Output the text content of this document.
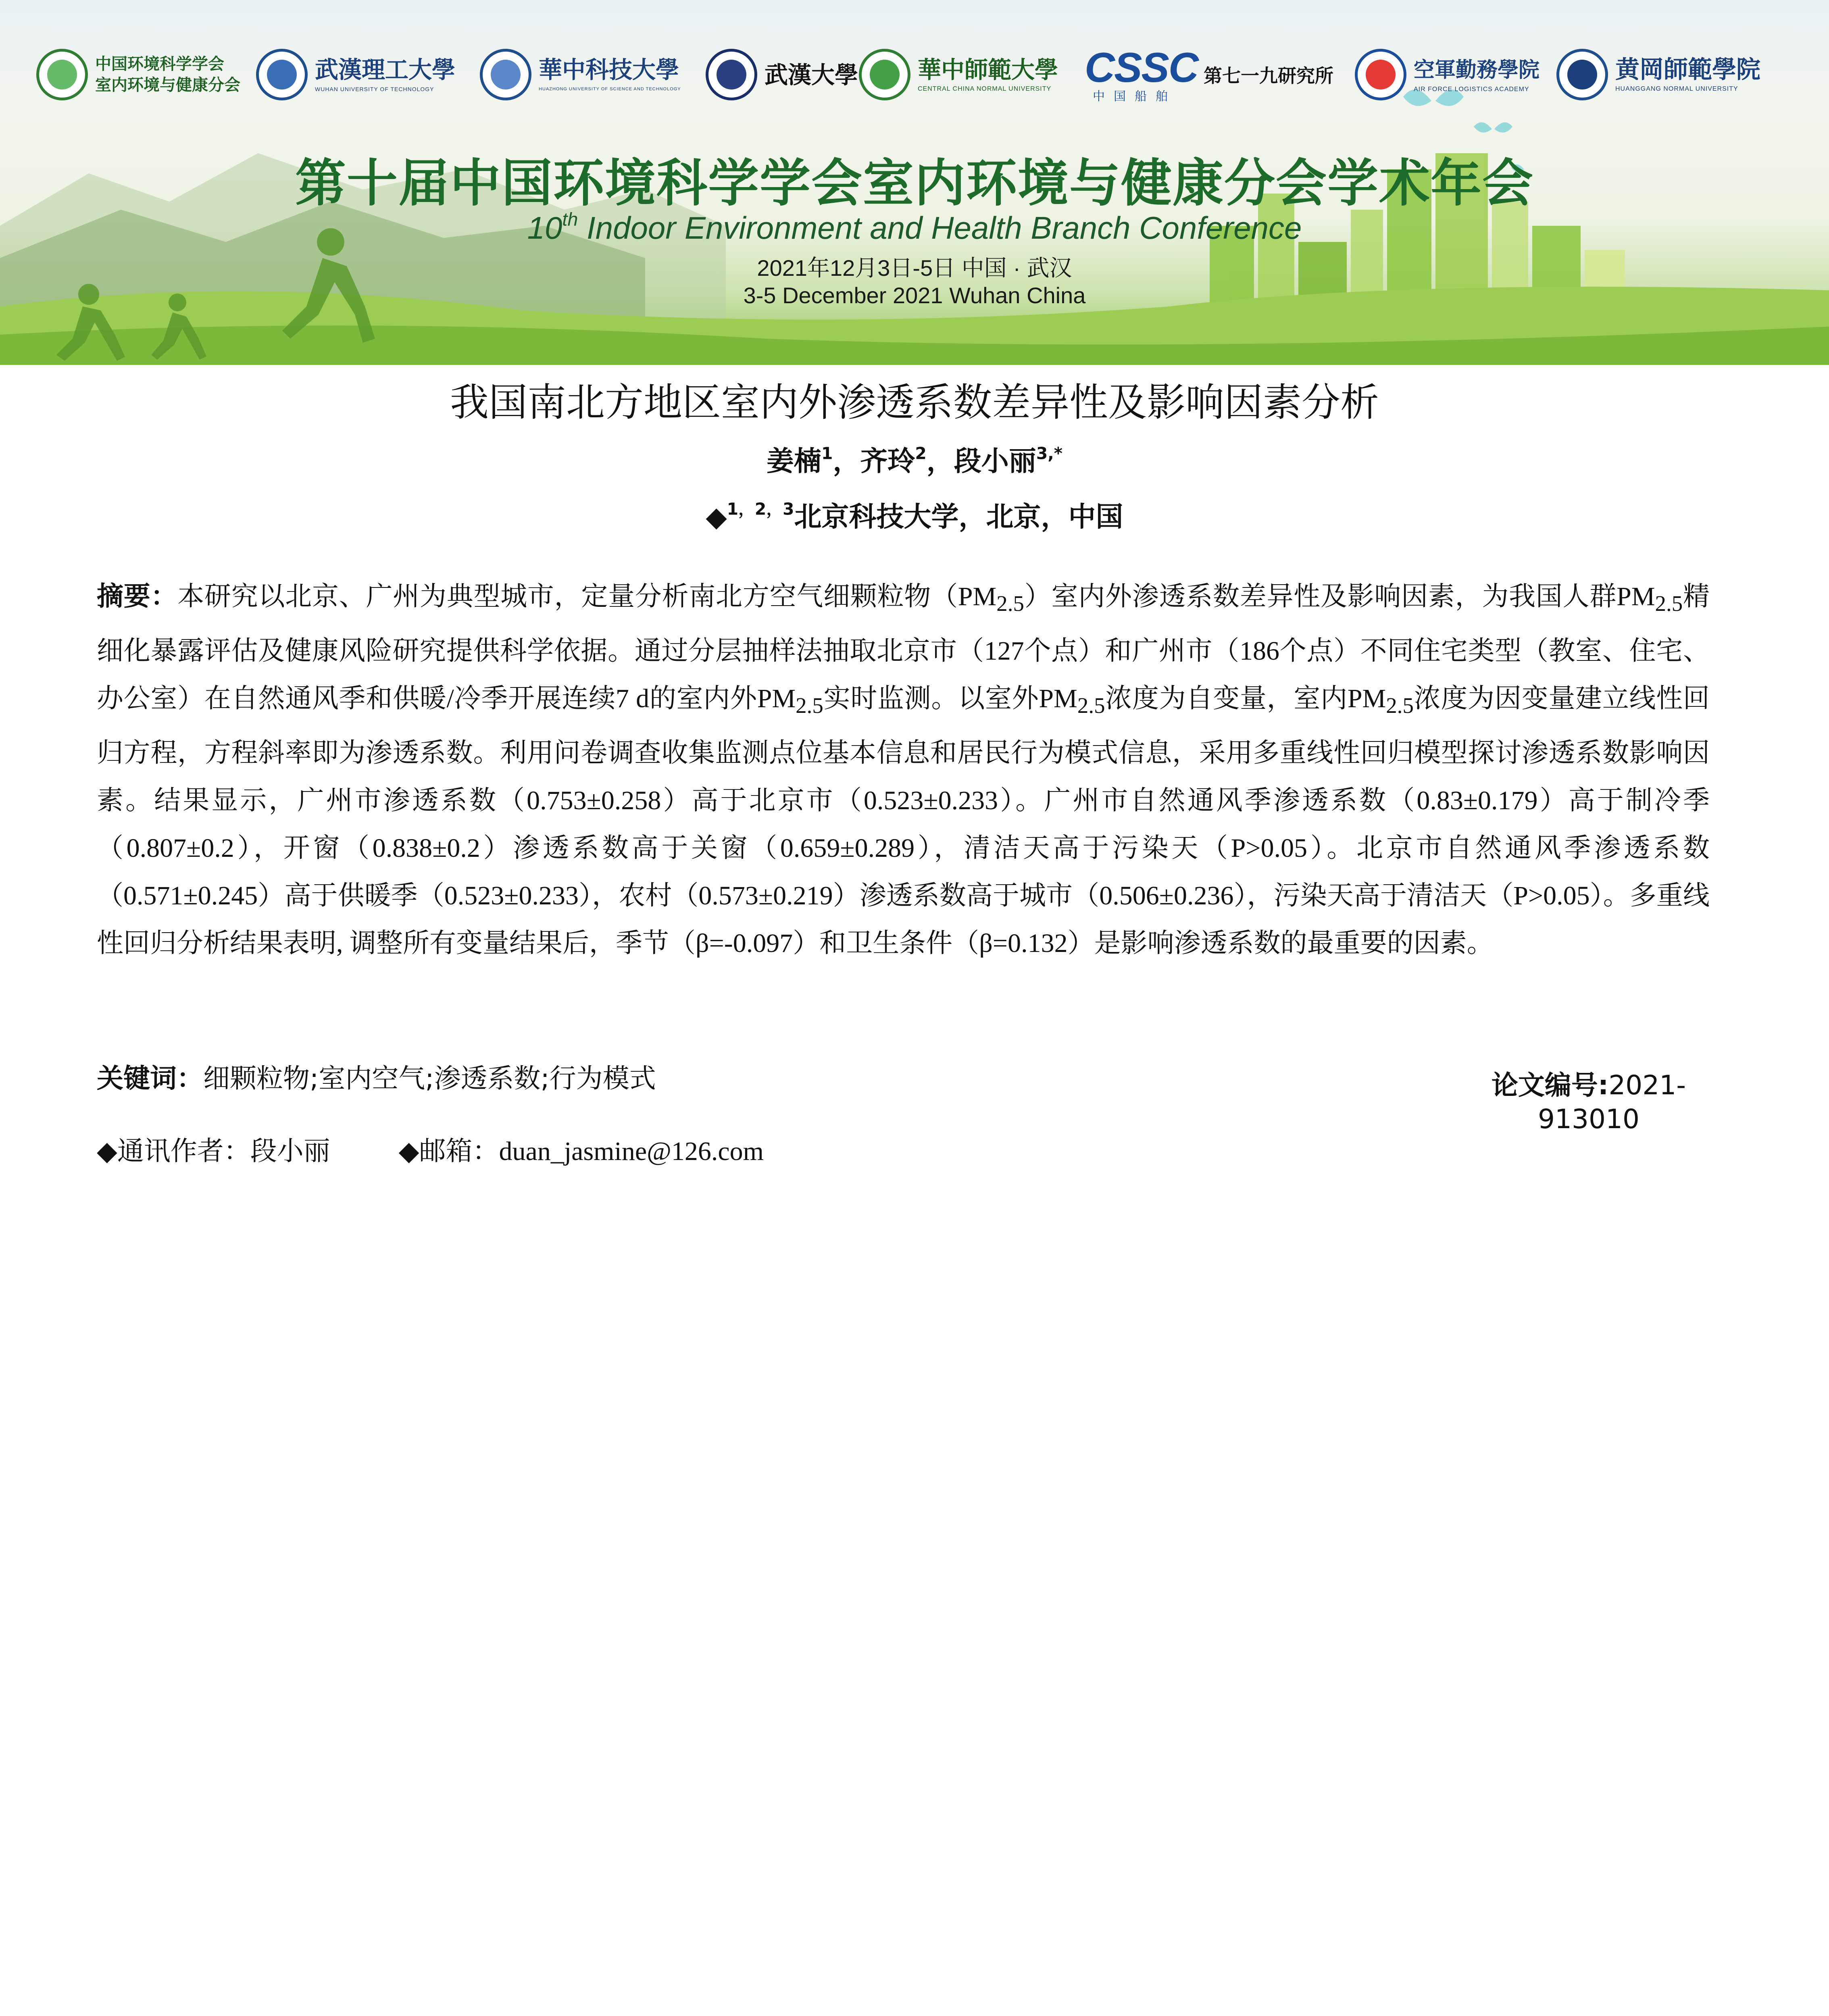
中国环境科学学会
室内环境与健康分会
武漢理工大學
WUHAN UNIVERSITY OF TECHNOLOGY
華中科技大學
HUAZHONG UNIVERSITY OF SCIENCE AND TECHNOLOGY
武漢大學	華中師範大學
CENTRAL CHINA NORMAL UNIVERSITY CSSC
中国船舶
第七一九研究所	空軍勤務學院
AIR FORCE LOGISTICS ACADEMY
黄岡師範學院
HUANGGANG NORMAL UNIVERSITY
第十届中国环境科学学会室内环境与健康分会学术年会
10th Indoor Environment and Health Branch Conference
2021年12月3日-5日 中国 · 武汉
3-5 December 2021 Wuhan China
我国南北方地区室内外渗透系数差异性及影响因素分析
姜楠$^1$，齐玲$^2$，段小丽$^{3,*}$
◆$^{1,2,3}$北京科技大学，北京，中国
摘要：本研究以北京、广州为典型城市，定量分析南北方空气细颗粒物$(PM_{2.5})$室内外渗透系数差异性及影响因素，为我国人群$PM_{2.5}$精细化暴露评估及健康风险研究提供科学依据。通过分层抽样法抽取北京市（127个点）和广州市（186个点）不同住宅类型（教室、住宅、办公室）在自然通风季和供暖/冷季开展连续7 d的室内外$PM_{2.5}$实时监测。以室外$PM_{2.5}$浓度为自变量，室内$PM_{2.5}$浓度为因变量建立线性回归方程，方程斜率即为渗透系数。利用问卷调查收集监测点位基本信息和居民行为模式信息，采用多重线性回归模型探讨渗透系数影响因素。结果显示，广州市渗透系数（0.753±0.258）高于北京市（0.523±0.233）。广州市自然通风季渗透系数（0.83±0.179）高于制冷季（0.807±0.2），开窗（0.838±0.2）渗透系数高于关窗（0.659±0.289），清洁天高于污染天（P>0.05）。北京市自然通风季渗透系数（0.571±0.245）高于供暖季（0.523±0.233），农村（0.573±0.219）渗透系数高于城市（0.506±0.236），污染天高于清洁天（P>0.05）。多重线性回归分析结果表明, 调整所有变量结果后，季节（β=-0.097）和卫生条件（β=0.132）是影响渗透系数的最重要的因素。
关键词：细颗粒物;室内空气;渗透系数;行为模式	论文编号:2021-
913010
◆通讯作者：段小丽	◆邮箱：duan_jasmine@126.com
